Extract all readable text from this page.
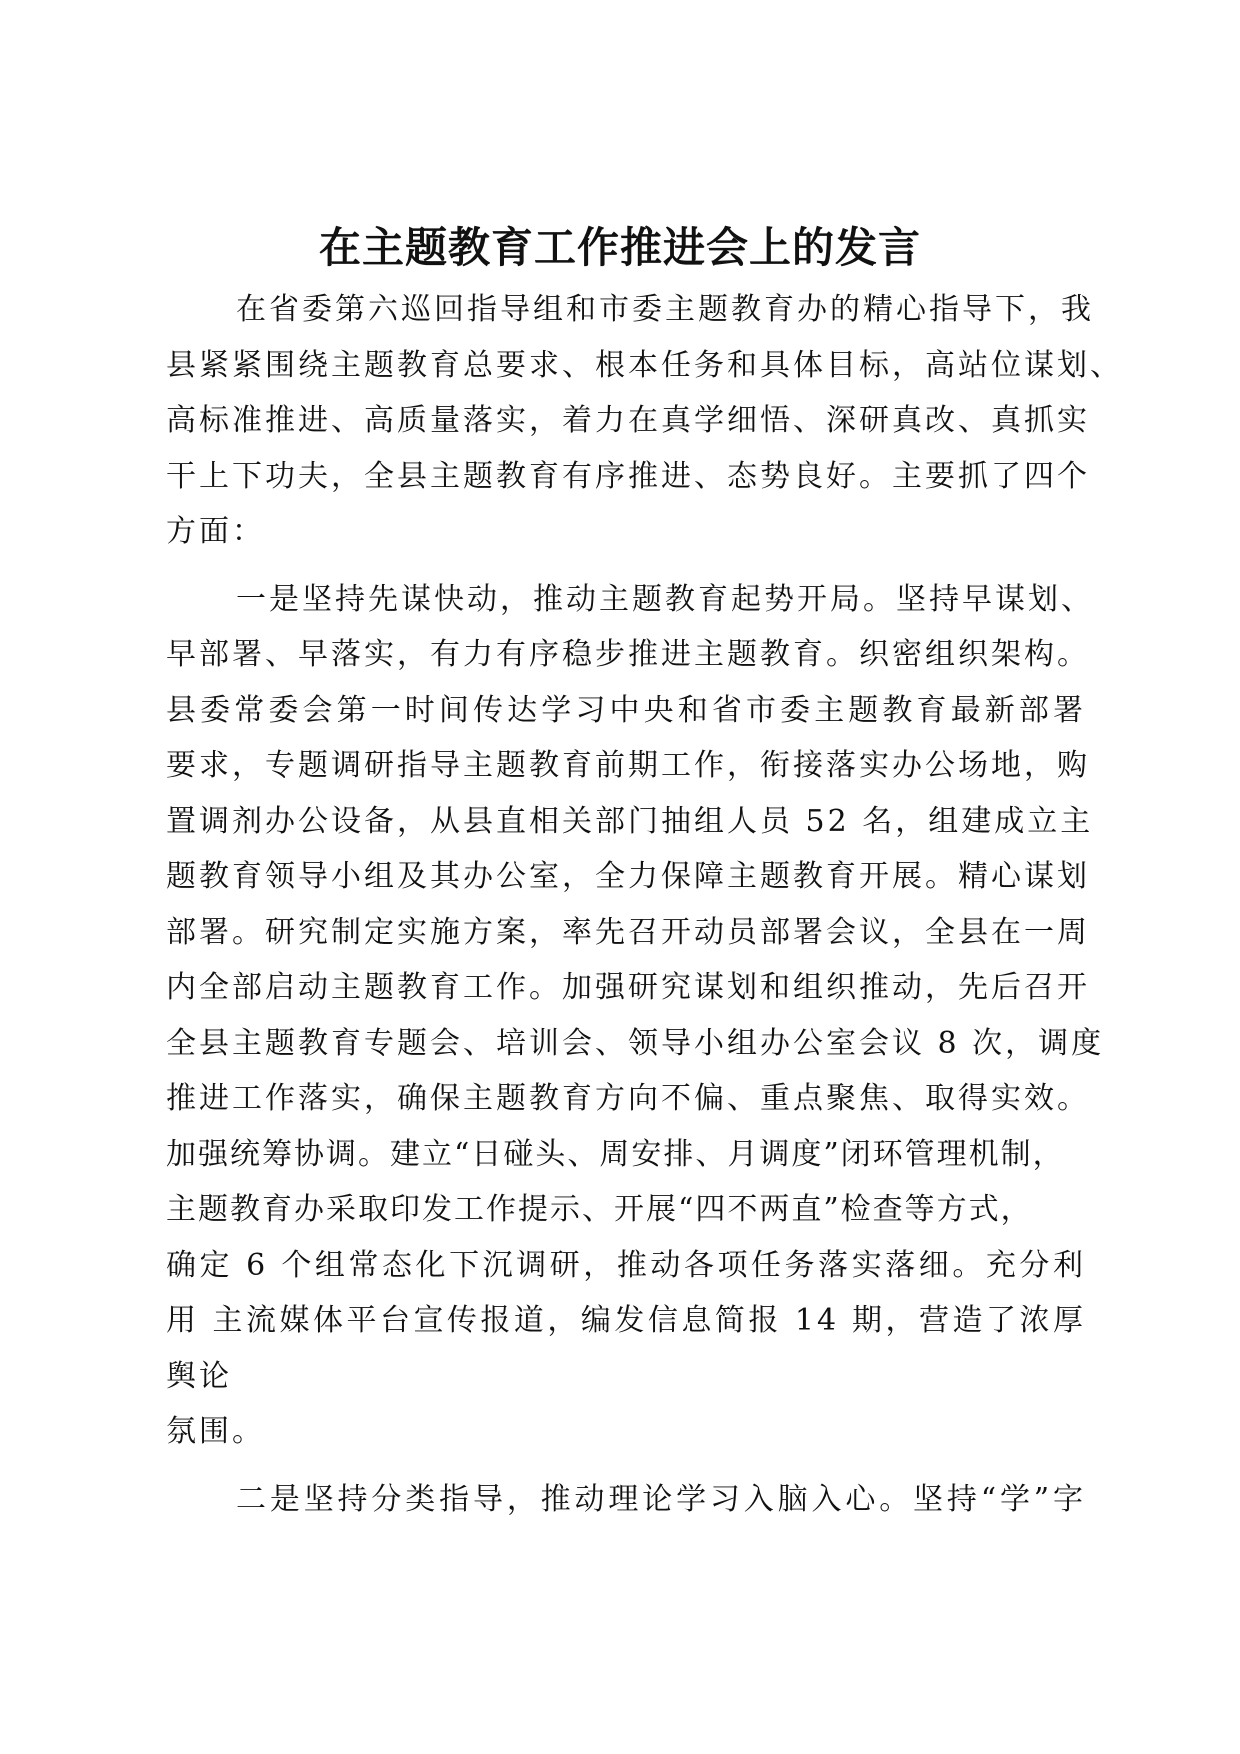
在主题教育工作推进会上的发言
在省委第六巡回指导组和市委主题教育办的精心指导下，我
县紧紧围绕主题教育总要求、根本任务和具体目标，高站位谋划、
高标准推进、高质量落实，着力在真学细悟、深研真改、真抓实
干上下功夫，全县主题教育有序推进、态势良好。主要抓了四个
方面：
一是坚持先谋快动，推动主题教育起势开局。坚持早谋划、
早部署、早落实，有力有序稳步推进主题教育。织密组织架构。
县委常委会第一时间传达学习中央和省市委主题教育最新部署
要求，专题调研指导主题教育前期工作，衔接落实办公场地，购
置调剂办公设备，从县直相关部门抽组人员 52 名，组建成立主
题教育领导小组及其办公室，全力保障主题教育开展。精心谋划
部署。研究制定实施方案，率先召开动员部署会议，全县在一周
内全部启动主题教育工作。加强研究谋划和组织推动，先后召开
全县主题教育专题会、培训会、领导小组办公室会议 8 次，调度
推进工作落实，确保主题教育方向不偏、重点聚焦、取得实效。
加强统筹协调。建立“日碰头、周安排、月调度”闭环管理机制，
主题教育办采取印发工作提示、开展“四不两直”检查等方式，
确定 6 个组常态化下沉调研，推动各项任务落实落细。充分利
用 主流媒体平台宣传报道，编发信息简报 14 期，营造了浓厚
舆论
氛围。
二是坚持分类指导，推动理论学习入脑入心。坚持“学”字
